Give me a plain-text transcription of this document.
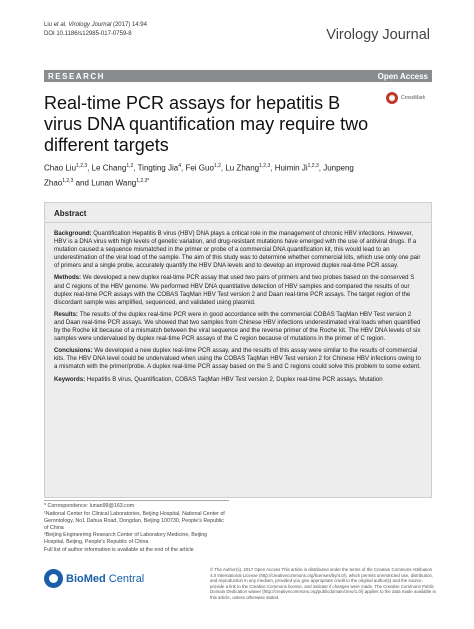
Liu et al. Virology Journal (2017) 14:94
DOI 10.1186/s12985-017-0759-8	Virology Journal
RESEARCH	Open Access
Real-time PCR assays for hepatitis B virus DNA quantification may require two different targets
CrossMark
Chao Liu$^{1,2,3}$, Le Chang$^{1,2}$, Tingting Jia$^4$, Fei Guo$^{1,2}$, Lu Zhang$^{1,2,3}$, Huimin Ji$^{1,2,3}$, Junpeng Zhao$^{1,2,3}$ and Lunan Wang$^{1,2,3*}$
Abstract

Background: Quantification Hepatitis B virus (HBV) DNA plays a critical role in the management of chronic HBV infections. However, HBV is a DNA virus with high levels of genetic variation, and drug-resistant mutations have emerged with the use of antiviral drugs. If a mutation caused a sequence mismatched in the primer or probe of a commercial DNA quantification kit, this would lead to an underestimation of the viral load of the sample. The aim of this study was to determine whether commercial kits, which use only one pair of primers and a single probe, accurately quantify the HBV DNA levels and to develop an improved duplex real-time PCR assay.

Methods: We developed a new duplex real-time PCR assay that used two pairs of primers and two probes based on the conserved S and C regions of the HBV genome. We performed HBV DNA quantitative detection of HBV samples and compared the results of our duplex real-time PCR assays with the COBAS TaqMan HBV Test version 2 and Daan real-time PCR assays. The target region of the discordant sample was amplified, sequenced, and validated using plasmid.

Results: The results of the duplex real-time PCR were in good accordance with the commercial COBAS TaqMan HBV Test version 2 and Daan real-time PCR assays. We showed that two samples from Chinese HBV infections underestimated viral loads when quantified by the Roche kit because of a mismatch between the viral sequence and the reverse primer of the Roche kit. The HBV DNA levels of six samples were undervalued by duplex real-time PCR assays of the C region because of mutations in the primer of C region.

Conclusions: We developed a new duplex real-time PCR assay, and the results of this assay were similar to the results of commercial kits. The HBV DNA level could be undervalued when using the COBAS TaqMan HBV Test version 2 for Chinese HBV infections owing to a mismatch with the primer/probe. A duplex real-time PCR assay based on the S and C regions could solve this problem to some extent.

Keywords: Hepatitis B virus, Quantification, COBAS TaqMan HBV Test version 2, Duplex real-time PCR assays, Mutation

* Correspondence: lunan99@163.com

¹National Center for Clinical Laboratories, Beijing Hospital, National Center of Gerontology, No1 Dahua Road, Dongdan, Beijing 100730, People's Republic of China

²Beijing Engineering Research Center of Laboratory Medicine, Beijing Hospital, Beijing, People's Republic of China

Full list of author information is available at the end of the article

BioMed Central
© The Author(s). 2017 Open Access This article is distributed under the terms of the Creative Commons Attribution 4.0 International License (http://creativecommons.org/licenses/by/4.0/), which permits unrestricted use, distribution, and reproduction in any medium, provided you give appropriate credit to the original author(s) and the source, provide a link to the Creative Commons license, and indicate if changes were made. The Creative Commons Public Domain Dedication waiver (http://creativecommons.org/publicdomain/zero/1.0/) applies to the data made available in this article, unless otherwise stated.
